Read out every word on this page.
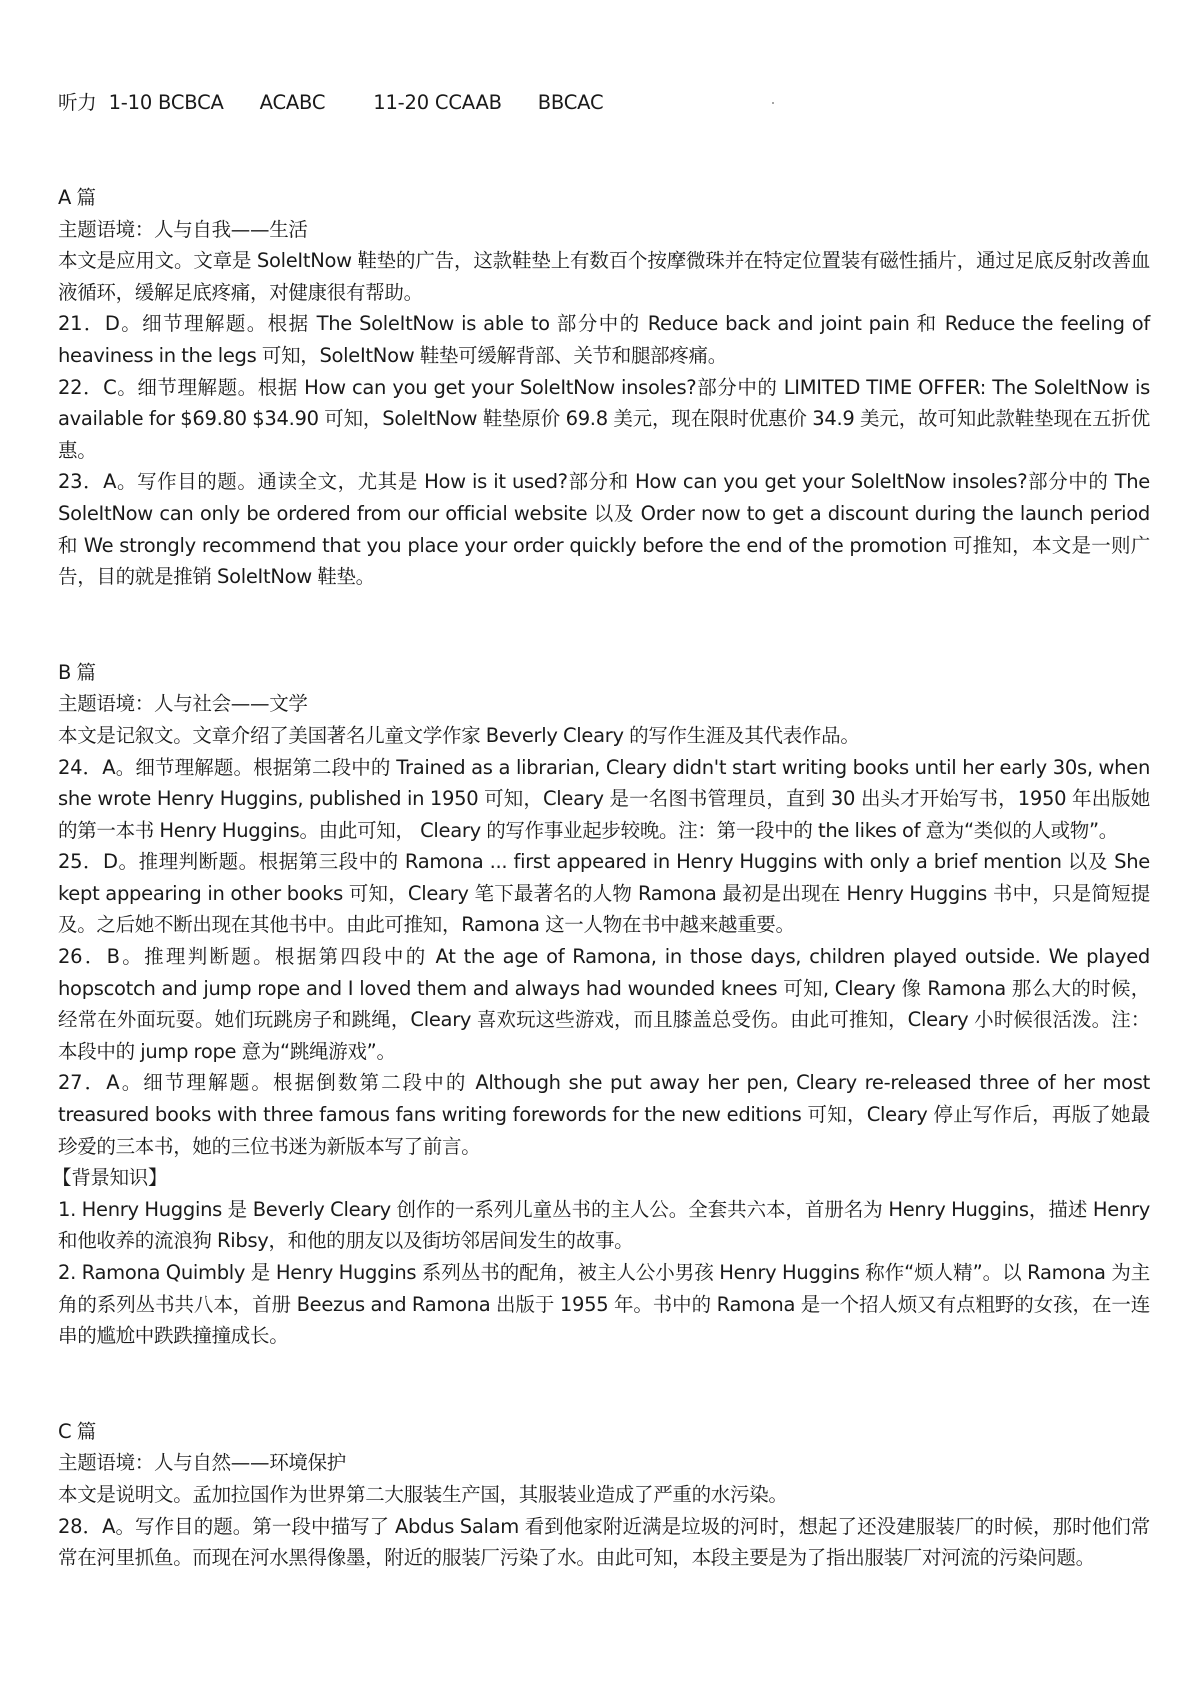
听力  1-10 BCBCA      ACABC        11-20 CCAAB      BBCAC

A 篇

主题语境：人与自我——生活

本文是应用文。文章是 SoleItNow 鞋垫的广告，这款鞋垫上有数百个按摩微珠并在特定位置装有磁性插片，通过足底反射改善血液循环，缓解足底疼痛，对健康很有帮助。

21．D。细节理解题。根据 The SoleItNow is able to 部分中的 Reduce back and joint pain 和 Reduce the feeling of heaviness in the legs 可知，SoleItNow 鞋垫可缓解背部、关节和腿部疼痛。

22．C。细节理解题。根据 How can you get your SoleItNow insoles?部分中的 LIMITED TIME OFFER: The SoleItNow is available for $69.80 $34.90 可知，SoleItNow 鞋垫原价 69.8 美元，现在限时优惠价 34.9 美元，故可知此款鞋垫现在五折优惠。

23．A。写作目的题。通读全文，尤其是 How is it used?部分和 How can you get your SoleItNow insoles?部分中的 The SoleItNow can only be ordered from our official website 以及 Order now to get a discount during the launch period 和 We strongly recommend that you place your order quickly before the end of the promotion 可推知，本文是一则广告，目的就是推销 SoleItNow 鞋垫。

B 篇

主题语境：人与社会——文学

本文是记叙文。文章介绍了美国著名儿童文学作家 Beverly Cleary 的写作生涯及其代表作品。

24．A。细节理解题。根据第二段中的 Trained as a librarian, Cleary didn't start writing books until her early 30s, when she wrote Henry Huggins, published in 1950 可知，Cleary 是一名图书管理员，直到 30 出头才开始写书，1950 年出版她的第一本书 Henry Huggins。由此可知， Cleary 的写作事业起步较晚。注：第一段中的 the likes of 意为“类似的人或物”。

25．D。推理判断题。根据第三段中的 Ramona ... first appeared in Henry Huggins with only a brief mention 以及 She kept appearing in other books 可知，Cleary 笔下最著名的人物 Ramona 最初是出现在 Henry Huggins 书中，只是简短提及。之后她不断出现在其他书中。由此可推知，Ramona 这一人物在书中越来越重要。

26．B。推理判断题。根据第四段中的 At the age of Ramona, in those days, children played outside. We played hopscotch and jump rope and I loved them and always had wounded knees 可知, Cleary 像 Ramona 那么大的时候，经常在外面玩耍。她们玩跳房子和跳绳，Cleary 喜欢玩这些游戏，而且膝盖总受伤。由此可推知，Cleary 小时候很活泼。注：本段中的 jump rope 意为“跳绳游戏”。

27．A。细节理解题。根据倒数第二段中的 Although she put away her pen, Cleary re-released three of her most treasured books with three famous fans writing forewords for the new editions 可知，Cleary 停止写作后，再版了她最珍爱的三本书，她的三位书迷为新版本写了前言。

【背景知识】

1. Henry Huggins 是 Beverly Cleary 创作的一系列儿童丛书的主人公。全套共六本，首册名为 Henry Huggins，描述 Henry 和他收养的流浪狗 Ribsy，和他的朋友以及街坊邻居间发生的故事。

2. Ramona Quimbly 是 Henry Huggins 系列丛书的配角，被主人公小男孩 Henry Huggins 称作“烦人精”。以 Ramona 为主角的系列丛书共八本，首册 Beezus and Ramona 出版于 1955 年。书中的 Ramona 是一个招人烦又有点粗野的女孩，在一连串的尴尬中跌跌撞撞成长。

C 篇

主题语境：人与自然——环境保护

本文是说明文。孟加拉国作为世界第二大服装生产国，其服装业造成了严重的水污染。

28．A。写作目的题。第一段中描写了 Abdus Salam 看到他家附近满是垃圾的河时，想起了还没建服装厂的时候，那时他们常常在河里抓鱼。而现在河水黑得像墨，附近的服装厂污染了水。由此可知，本段主要是为了指出服装厂对河流的污染问题。
